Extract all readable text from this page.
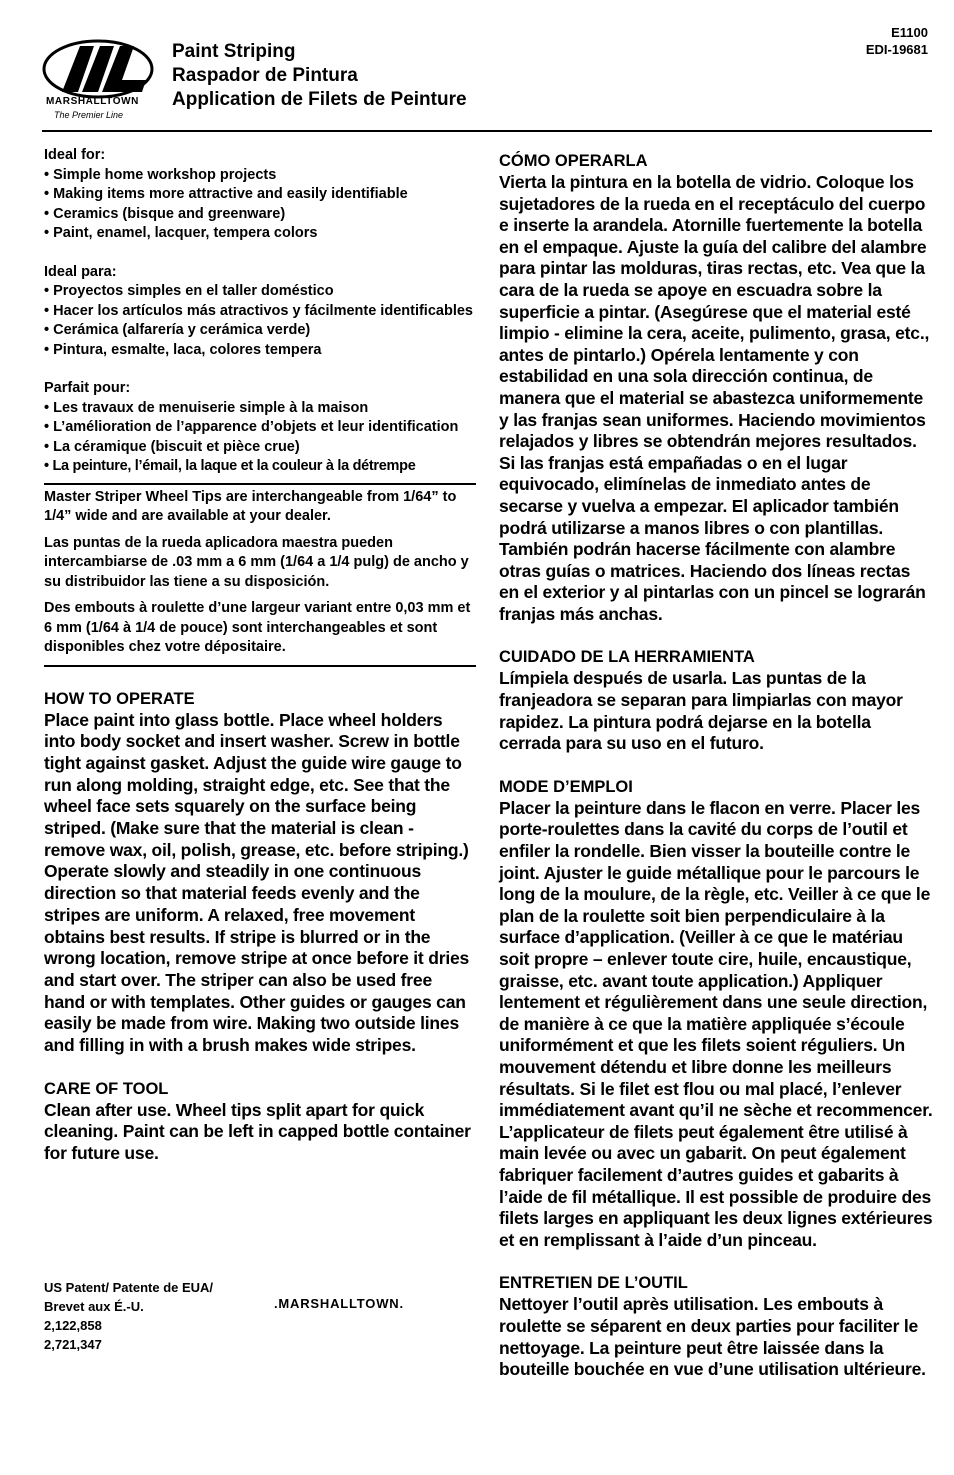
MARSHALLTOWN
The Premier Line
Paint Striping
Raspador de Pintura
Application de Filets de Peinture
E1100
EDI-19681
Ideal for:
• Simple home workshop projects
• Making items more attractive and easily identifiable
• Ceramics (bisque and greenware)
• Paint, enamel, lacquer, tempera colors
Ideal para:
• Proyectos simples en el taller doméstico
• Hacer los artículos más atractivos y fácilmente identificables
• Cerámica (alfarería y cerámica verde)
• Pintura, esmalte, laca, colores tempera
Parfait pour:
• Les travaux de menuiserie simple à la maison
• L’amélioration de l’apparence d’objets et leur identification
• La céramique (biscuit et pièce crue)
• La peinture, l’émail, la laque et la couleur à la détrempe

Master Striper Wheel Tips are interchangeable from 1/64” to 1/4” wide and are available at your dealer.

Las puntas de la rueda aplicadora maestra pueden intercambiarse de .03 mm a 6 mm (1/64 a 1/4 pulg) de ancho y su distribuidor las tiene a su disposición.

Des embouts à roulette d’une largeur variant entre 0,03 mm et 6 mm (1/64 à 1/4 de pouce) sont interchangeables et sont disponibles chez votre dépositaire.

HOW TO OPERATE

Place paint into glass bottle. Place wheel holders into body socket and insert washer. Screw in bottle tight against gasket. Adjust the guide wire gauge to run along molding, straight edge, etc. See that the wheel face sets squarely on the surface being striped. (Make sure that the material is clean - remove wax, oil, polish, grease, etc. before striping.) Operate slowly and steadily in one continuous direction so that material feeds evenly and the stripes are uniform. A relaxed, free movement obtains best results. If stripe is blurred or in the wrong location, remove stripe at once before it dries and start over. The striper can also be used free hand or with templates. Other guides or gauges can easily be made from wire. Making two outside lines and filling in with a brush makes wide stripes.

CARE OF TOOL

Clean after use. Wheel tips split apart for quick cleaning. Paint can be left in capped bottle container for future use.

US Patent/ Patente de EUA/
Brevet aux É.-U.
2,122,858
2,721,347
.MARSHALLTOWN.
CÓMO OPERARLA

Vierta la pintura en la botella de vidrio. Coloque los sujetadores de la rueda en el receptáculo del cuerpo e inserte la arandela. Atornille fuertemente la botella en el empaque. Ajuste la guía del calibre del alambre para pintar las molduras, tiras rectas, etc. Vea que la cara de la rueda se apoye en escuadra sobre la superficie a pintar. (Asegúrese que el material esté limpio - elimine la cera, aceite, pulimento, grasa, etc., antes de pintarlo.) Opérela lentamente y con estabilidad en una sola dirección continua, de manera que el material se abastezca uniformemente y las franjas sean uniformes. Haciendo movimientos relajados y libres se obtendrán mejores resultados. Si las franjas está empañadas o en el lugar equivocado, elimínelas de inmediato antes de secarse y vuelva a empezar. El aplicador también podrá utilizarse a manos libres o con plantillas. También podrán hacerse fácilmente con alambre otras guías o matrices. Haciendo dos líneas rectas en el exterior y al pintarlas con un pincel se lograrán franjas más anchas.

CUIDADO DE LA HERRAMIENTA

Límpiela después de usarla. Las puntas de la franjeadora se separan para limpiarlas con mayor rapidez. La pintura podrá dejarse en la botella cerrada para su uso en el futuro.

MODE D’EMPLOI

Placer la peinture dans le flacon en verre. Placer les porte-roulettes dans la cavité du corps de l’outil et enfiler la rondelle. Bien visser la bouteille contre le joint. Ajuster le guide métallique pour le parcours le long de la moulure, de la règle, etc. Veiller à ce que le plan de la roulette soit bien perpendiculaire à la surface d’application. (Veiller à ce que le matériau soit propre – enlever toute cire, huile, encaustique, graisse, etc. avant toute application.) Appliquer lentement et régulièrement dans une seule direction, de manière à ce que la matière appliquée s’écoule uniformément et que les filets soient réguliers. Un mouvement détendu et libre donne les meilleurs résultats. Si le filet est flou ou mal placé, l’enlever immédiatement avant qu’il ne sèche et recommencer. L’applicateur de filets peut également être utilisé à main levée ou avec un gabarit. On peut également fabriquer facilement d’autres guides et gabarits à l’aide de fil métallique. Il est possible de produire des filets larges en appliquant les deux lignes extérieures et en remplissant à l’aide d’un pinceau.

ENTRETIEN DE L’OUTIL

Nettoyer l’outil après utilisation. Les embouts à roulette se séparent en deux parties pour faciliter le nettoyage. La peinture peut être laissée dans la bouteille bouchée en vue d’une utilisation ultérieure.
